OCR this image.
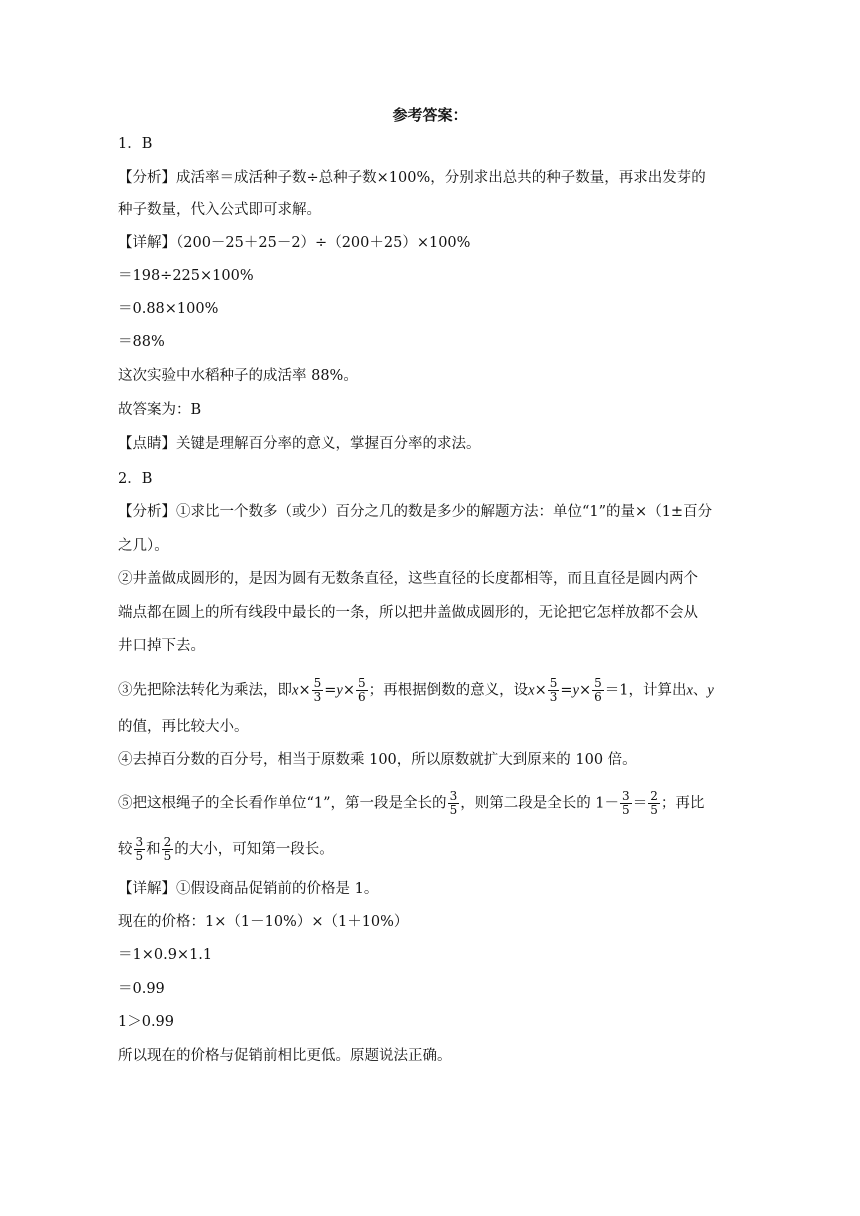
参考答案：
1．B
【分析】成活率＝成活种子数÷总种子数×100%，分别求出总共的种子数量，再求出发芽的
种子数量，代入公式即可求解。
【详解】（200－25＋25－2）÷（200＋25）×100%
＝198÷225×100%
＝0.88×100%
＝88%
这次实验中水稻种子的成活率 88%。
故答案为：B
【点睛】关键是理解百分率的意义，掌握百分率的求法。
2．B
【分析】①求比一个数多（或少）百分之几的数是多少的解题方法：单位“1”的量×（1±百分
之几）。
②井盖做成圆形的，是因为圆有无数条直径，这些直径的长度都相等，而且直径是圆内两个
端点都在圆上的所有线段中最长的一条，所以把井盖做成圆形的，无论把它怎样放都不会从
井口掉下去。
③先把除法转化为乘法，即$x\times \frac{5}{3} =y\times \frac{5}{6}$ ；再根据倒数的意义，设$x\times \frac{5}{3} =y\times \frac{5}{6} =1$，计算出x、y
的值，再比较大小。
④去掉百分数的百分号，相当于原数乘 100，所以原数就扩大到原来的 100 倍。
⑤把这根绳子的全长看作单位“1”，第一段是全长的 $\frac{3}{5}$ ，则第二段是全长的 $1- \frac{3}{5} = \frac{2}{5}$ ；再比
较 $\frac{3}{5}$ 和 $\frac{2}{5}$ 的大小，可知第一段长。
【详解】①假设商品促销前的价格是 1。
现在的价格：1×（1－10%）×（1＋10%）
＝1×0.9×1.1
＝0.99
1＞0.99
所以现在的价格与促销前相比更低。原题说法正确。
